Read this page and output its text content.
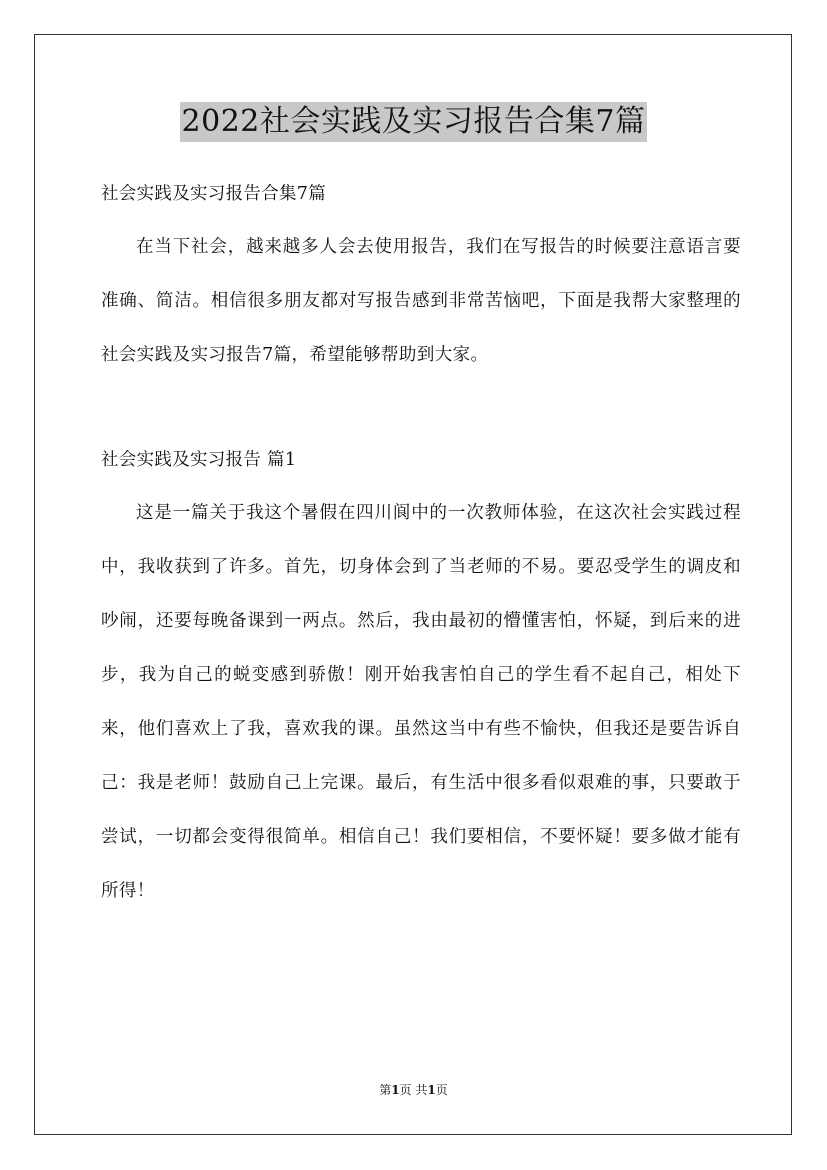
2022社会实践及实习报告合集7篇

社会实践及实习报告合集7篇

在当下社会，越来越多人会去使用报告，我们在写报告的时候要注意语言要准确、简洁。相信很多朋友都对写报告感到非常苦恼吧，下面是我帮大家整理的社会实践及实习报告7篇，希望能够帮助到大家。

社会实践及实习报告 篇1

这是一篇关于我这个暑假在四川阆中的一次教师体验，在这次社会实践过程中，我收获到了许多。首先，切身体会到了当老师的不易。要忍受学生的调皮和吵闹，还要每晚备课到一两点。然后，我由最初的懵懂害怕，怀疑，到后来的进步，我为自己的蜕变感到骄傲！刚开始我害怕自己的学生看不起自己，相处下来，他们喜欢上了我，喜欢我的课。虽然这当中有些不愉快，但我还是要告诉自己：我是老师！鼓励自己上完课。最后，有生活中很多看似艰难的事，只要敢于尝试，一切都会变得很简单。相信自己！我们要相信，不要怀疑！要多做才能有所得！

第1页 共1页
